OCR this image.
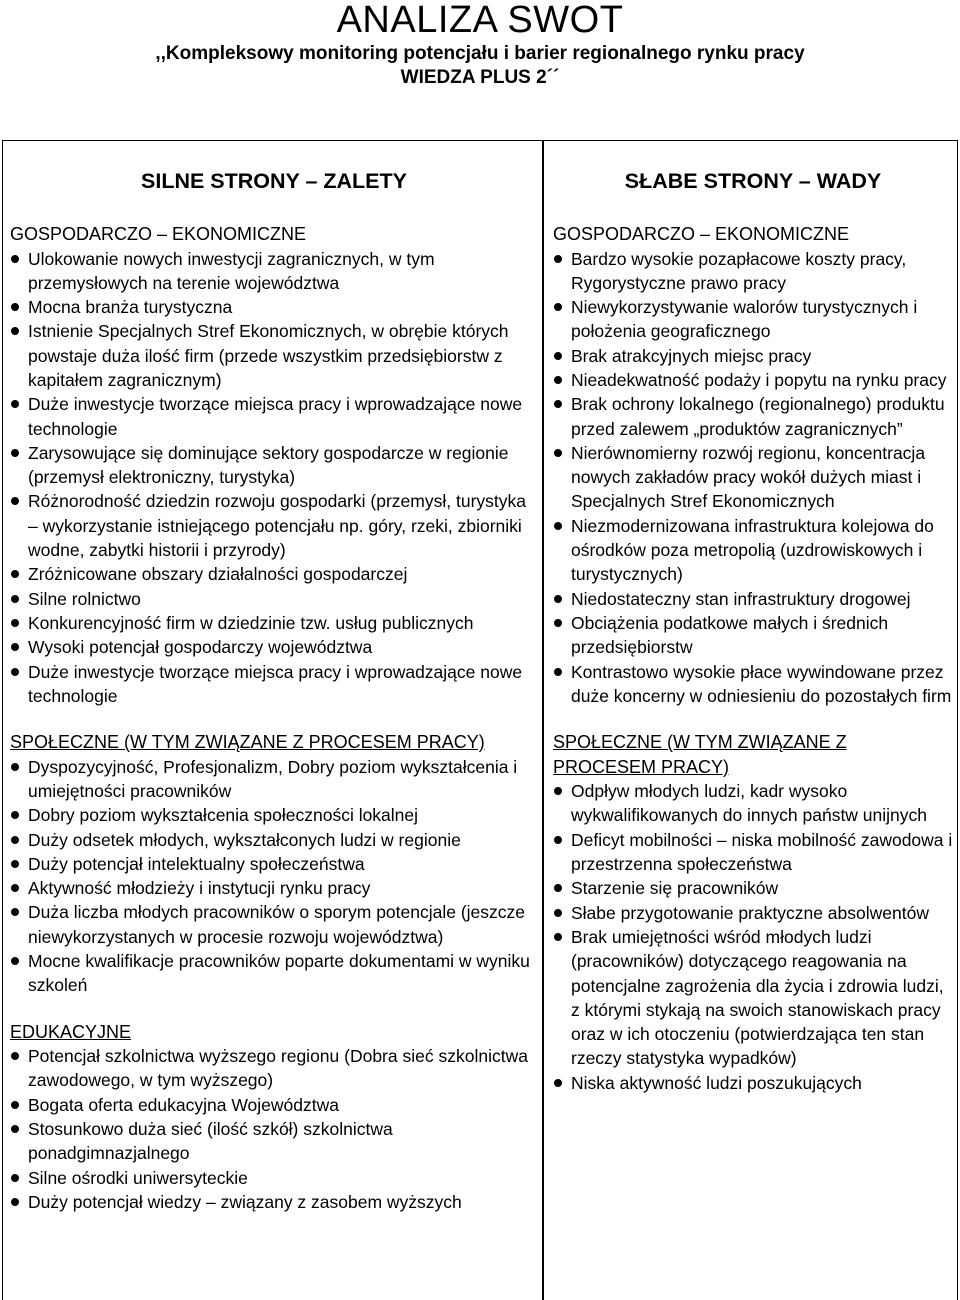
ANALIZA SWOT
,,Kompleksowy monitoring potencjału i barier regionalnego rynku pracy
WIEDZA PLUS 2´´
SILNE STRONY – ZALETY
GOSPODARCZO – EKONOMICZNE
Ulokowanie nowych inwestycji zagranicznych, w tym przemysłowych na terenie województwa
Mocna branża turystyczna
Istnienie Specjalnych Stref Ekonomicznych, w obrębie których powstaje duża ilość firm (przede wszystkim przedsiębiorstw z kapitałem zagranicznym)
Duże inwestycje tworzące miejsca pracy i wprowadzające nowe technologie
Zarysowujące się dominujące sektory gospodarcze w regionie (przemysł elektroniczny, turystyka)
Różnorodność dziedzin rozwoju gospodarki (przemysł, turystyka – wykorzystanie istniejącego potencjału np. góry, rzeki, zbiorniki wodne, zabytki historii i przyrody)
Zróżnicowane obszary działalności gospodarczej
Silne rolnictwo
Konkurencyjność firm w dziedzinie tzw. usług publicznych
Wysoki potencjał gospodarczy województwa
Duże inwestycje tworzące miejsca pracy i wprowadzające nowe technologie
SPOŁECZNE (W TYM ZWIĄZANE Z PROCESEM PRACY)
Dyspozycyjność, Profesjonalizm, Dobry poziom wykształcenia i umiejętności pracowników
Dobry poziom wykształcenia społeczności lokalnej
Duży odsetek młodych, wykształconych ludzi w regionie
Duży potencjał intelektualny społeczeństwa
Aktywność młodzieży i instytucji rynku pracy
Duża liczba młodych pracowników o sporym potencjale (jeszcze niewykorzystanych w procesie rozwoju województwa)
Mocne kwalifikacje pracowników poparte dokumentami w wyniku szkoleń
EDUKACYJNE
Potencjał szkolnictwa wyższego regionu (Dobra sieć szkolnictwa zawodowego, w tym wyższego)
Bogata oferta edukacyjna Województwa
Stosunkowo duża sieć (ilość szkół) szkolnictwa ponadgimnazjalnego
Silne ośrodki uniwersyteckie
Duży potencjał wiedzy – związany z zasobem wyższych
SŁABE STRONY – WADY
GOSPODARCZO – EKONOMICZNE
Bardzo wysokie pozapłacowe koszty pracy, Rygorystyczne prawo pracy
Niewykorzystywanie walorów turystycznych i położenia geograficznego
Brak atrakcyjnych miejsc pracy
Nieadekwatność podaży i popytu na rynku pracy
Brak ochrony lokalnego (regionalnego) produktu przed zalewem „produktów zagranicznych”
Nierównomierny rozwój regionu, koncentracja nowych zakładów pracy wokół dużych miast i Specjalnych Stref Ekonomicznych
Niezmodernizowana infrastruktura kolejowa do ośrodków poza metropolią (uzdrowiskowych i turystycznych)
Niedostateczny stan infrastruktury drogowej
Obciążenia podatkowe małych i średnich przedsiębiorstw
Kontrastowo wysokie płace wywindowane przez duże koncerny w odniesieniu do pozostałych firm
SPOŁECZNE (W TYM ZWIĄZANE Z PROCESEM PRACY)
Odpływ młodych ludzi, kadr wysoko wykwalifikowanych do innych państw unijnych
Deficyt mobilności – niska mobilność zawodowa i przestrzenna społeczeństwa
Starzenie się pracowników
Słabe przygotowanie praktyczne absolwentów
Brak umiejętności wśród młodych ludzi (pracowników) dotyczącego reagowania na potencjalne zagrożenia dla życia i zdrowia ludzi, z którymi stykają na swoich stanowiskach pracy oraz w ich otoczeniu (potwierdzająca ten stan rzeczy statystyka wypadków)
Niska aktywność ludzi poszukujących
